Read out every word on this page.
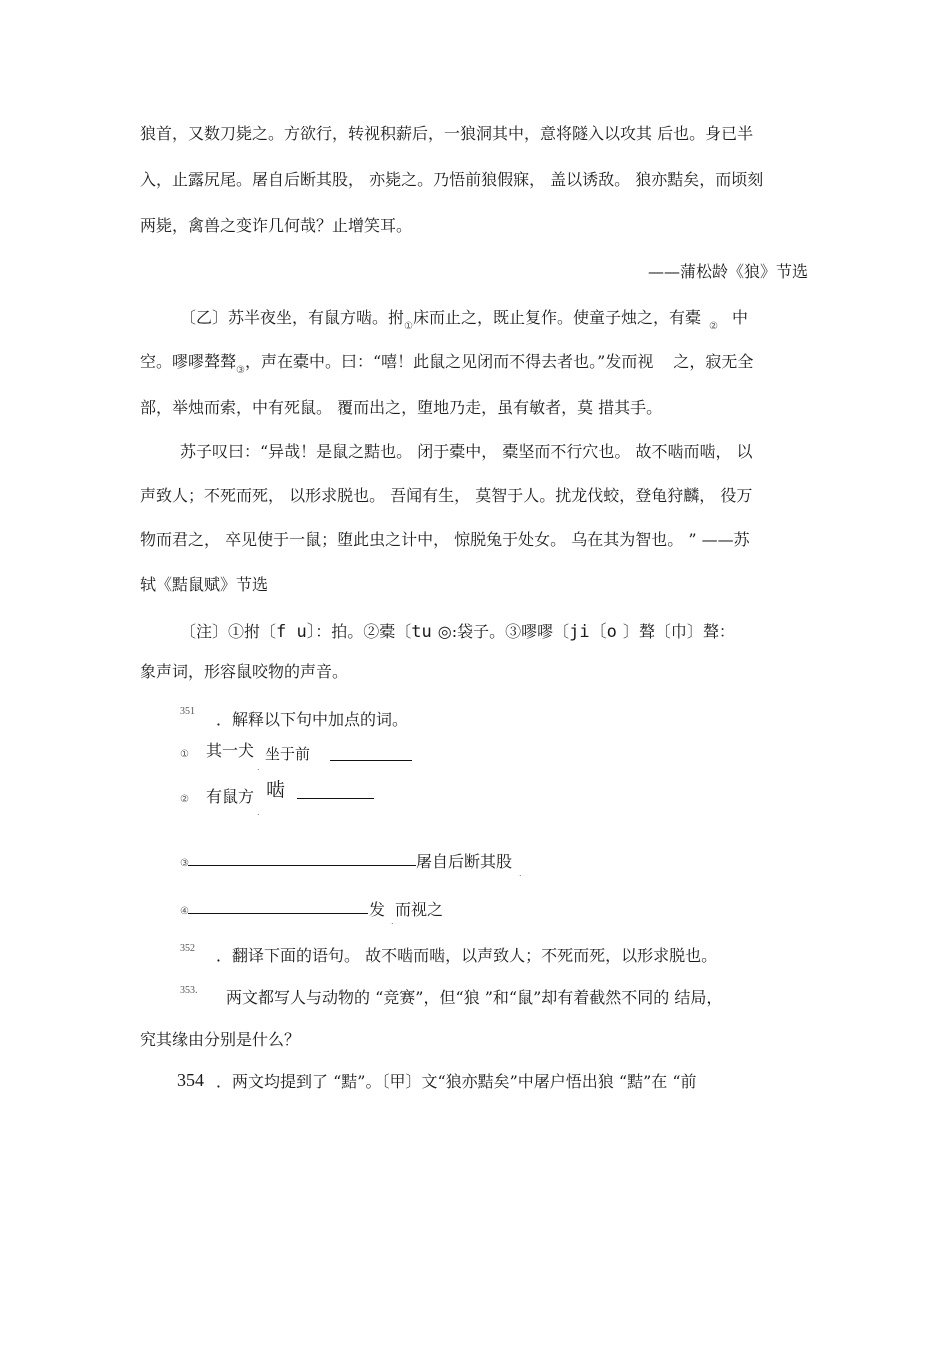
狼首，又数刀毙之。方欲行，转视积薪后，一狼洞其中，意将隧入以攻其 后也。身已半
入，止露尻尾。屠自后断其股， 亦毙之。乃悟前狼假寐， 盖以诱敌。 狼亦黠矣，而顷刻
两毙，禽兽之变诈几何哉？止增笑耳。
——蒲松龄《狼》节选
〔乙〕苏半夜坐，有鼠方啮。拊$_①$床而止之，既止复作。使童子烛之，有橐 $_②$ 中
空。嘐嘐聱聱$_③$，声在橐中。曰：“嘻！此鼠之见闭而不得去者也。”发而视 之，寂无全
部，举烛而索，中有死鼠。 覆而出之，堕地乃走，虽有敏者，莫 措其手。
苏子叹曰：“异哉！是鼠之黠也。 闭于橐中， 橐坚而不行穴也。 故不啮而啮， 以
声致人；不死而死， 以形求脱也。 吾闻有生， 莫智于人。扰龙伐蛟，登龟狩麟， 役万
物而君之， 卒见使于一鼠；堕此虫之计中， 惊脱兔于处女。 乌在其为智也。 ” ——苏
轼《黠鼠赋》节选
〔注〕①拊〔f u〕：拍。②橐〔tu ◎:袋子。③嘐嘐〔ji〔o 〕聱〔巾〕聱：
象声词，形容鼠咬物的声音。
351 ．解释以下句中加点的词。
① 其一犬 坐于前
.
② 有鼠方 啮
.
③	屠自后断其股
.
④	发 而视之
.
352 ．翻译下面的语句。 故不啮而啮，以声致人；不死而死，以形求脱也。
353. 两文都写人与动物的 “竞赛”，但“狼 ”和“鼠”却有着截然不同的 结局，
究其缘由分别是什么？
354 ．两文均提到了 “黠”。〔甲〕文“狼亦黠矣”中屠户悟出狼 “黠”在 “前
